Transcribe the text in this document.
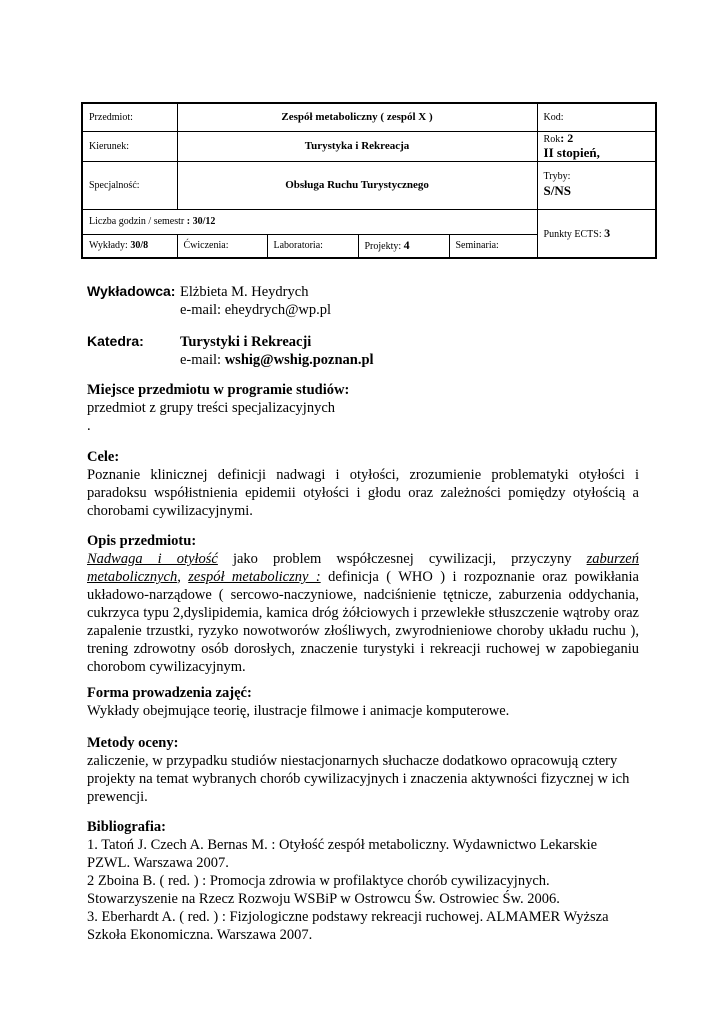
Przedmiot:	Zespół metaboliczny ( zespól X )				Kod:
Kierunek:	Turystyka i Rekreacja				Rok: 2
II stopień,
Specjalność:	Obsługa Ruchu Turystycznego				Tryby:
S/NS
Liczba godzin / semestr : 30/12					Punkty ECTS: 3
Wykłady: 30/8	Ćwiczenia:	Laboratoria:	Projekty: 4	Seminaria:	
Wykładowca: Elżbieta M. Heydrych
e-mail: eheydrych@wp.pl
Katedra: Turystyki i Rekreacji
e-mail: wshig@wshig.poznan.pl
Miejsce przedmiotu w programie studiów:
przedmiot z grupy treści specjalizacyjnych
.
Cele:
Poznanie klinicznej definicji nadwagi i otyłości, zrozumienie problematyki otyłości i paradoksu współistnienia epidemii otyłości i głodu oraz zależności pomiędzy otyłością a chorobami cywilizacyjnymi.
Opis przedmiotu:
Nadwaga i otyłość jako problem współczesnej cywilizacji, przyczyny zaburzeń metabolicznych, zespół metaboliczny : definicja ( WHO ) i rozpoznanie oraz powikłania układowo-narządowe ( sercowo-naczyniowe, nadciśnienie tętnicze, zaburzenia oddychania, cukrzyca typu 2,dyslipidemia, kamica dróg żółciowych i przewlekłe stłuszczenie wątroby oraz zapalenie trzustki, ryzyko nowotworów złośliwych, zwyrodnieniowe choroby układu ruchu ), trening zdrowotny osób dorosłych, znaczenie turystyki i rekreacji ruchowej w zapobieganiu chorobom cywilizacyjnym.
Forma prowadzenia zajęć:
Wykłady obejmujące teorię, ilustracje filmowe i animacje komputerowe.
Metody oceny:
zaliczenie, w przypadku studiów niestacjonarnych słuchacze dodatkowo opracowują cztery projekty na temat wybranych chorób cywilizacyjnych i znaczenia aktywności fizycznej w ich prewencji.
Bibliografia:
1. Tatoń J. Czech A. Bernas M. : Otyłość zespół metaboliczny. Wydawnictwo Lekarskie PZWL. Warszawa 2007.
2 Zboina B. ( red. ) : Promocja zdrowia w profilaktyce chorób cywilizacyjnych. Stowarzyszenie na Rzecz Rozwoju WSBiP w Ostrowcu Św. Ostrowiec Św. 2006.
3. Eberhardt A. ( red. ) : Fizjologiczne podstawy rekreacji ruchowej. ALMAMER Wyższa Szkoła Ekonomiczna. Warszawa 2007.
